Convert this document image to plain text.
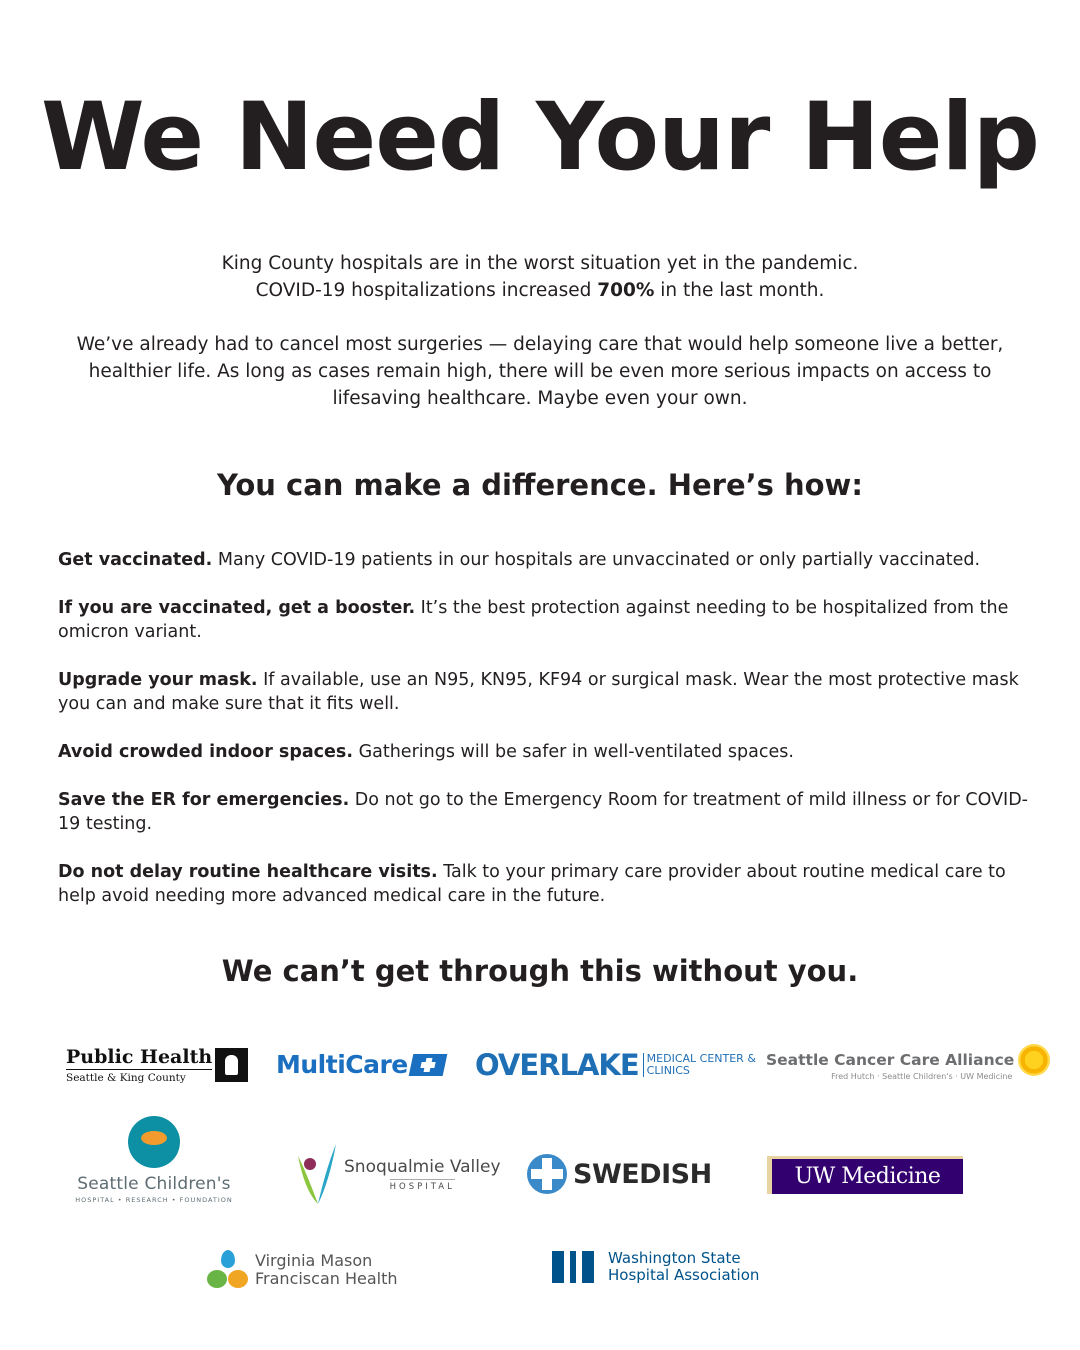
We Need Your Help

King County hospitals are in the worst situation yet in the pandemic.
COVID-19 hospitalizations increased 700% in the last month.

We’ve already had to cancel most surgeries — delaying care that would help someone live a better, healthier life. As long as cases remain high, there will be even more serious impacts on access to lifesaving healthcare. Maybe even your own.

You can make a difference. Here’s how:

Get vaccinated. Many COVID-19 patients in our hospitals are unvaccinated or only partially vaccinated.

If you are vaccinated, get a booster. It’s the best protection against needing to be hospitalized from the omicron variant.

Upgrade your mask. If available, use an N95, KN95, KF94 or surgical mask. Wear the most protective mask you can and make sure that it fits well.

Avoid crowded indoor spaces. Gatherings will be safer in well-ventilated spaces.

Save the ER for emergencies. Do not go to the Emergency Room for treatment of mild illness or for COVID-19 testing.

Do not delay routine healthcare visits. Talk to your primary care provider about routine medical care to help avoid needing more advanced medical care in the future.

We can’t get through this without you.
Public Health
Seattle & King County	MultiCare OVERLAKE MEDICAL CENTER & CLINICS
Seattle Cancer Care Alliance
Fred Hutch · Seattle Children's · UW Medicine
Seattle Children's
HOSPITAL • RESEARCH • FOUNDATION
Snoqualmie Valley
HOSPITAL	SWEDISH	UW Medicine
Virginia Mason
Franciscan Health
Washington State
Hospital Association
